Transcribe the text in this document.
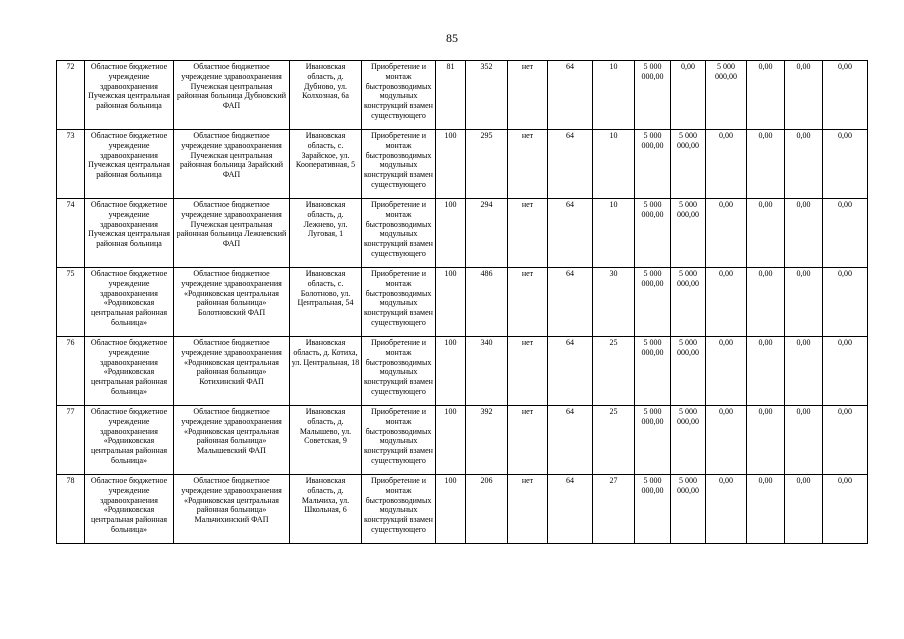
85
72	Областное бюджетное учреждение здравоохранения Пучежская центральная районная больница	Областное бюджетное учреждение здравоохранения Пучежская центральная районная больница Дубновский ФАП	Ивановская область, д. Дубново, ул. Колхозная, 6а	Приобретение и монтаж быстровозводимых модульных конструкций взамен существующего	81	352	нет	64	10	5 000 000,00	0,00	5 000 000,00	0,00	0,00	0,00
73	Областное бюджетное учреждение здравоохранения Пучежская центральная районная больница	Областное бюджетное учреждение здравоохранения Пучежская центральная районная больница Зарайский ФАП	Ивановская область, с. Зарайское, ул. Кооперативная, 5	Приобретение и монтаж быстровозводимых модульных конструкций взамен существующего	100	295	нет	64	10	5 000 000,00	5 000 000,00	0,00	0,00	0,00	0,00
74	Областное бюджетное учреждение здравоохранения Пучежская центральная районная больница	Областное бюджетное учреждение здравоохранения Пучежская центральная районная больница Лежневский ФАП	Ивановская область, д. Лежнево, ул. Луговая, 1	Приобретение и монтаж быстровозводимых модульных конструкций взамен существующего	100	294	нет	64	10	5 000 000,00	5 000 000,00	0,00	0,00	0,00	0,00
75	Областное бюджетное учреждение здравоохранения «Родниковская центральная районная больница»	Областное бюджетное учреждение здравоохранения «Родниковская центральная районная больница» Болотновский ФАП	Ивановская область, с. Болотново, ул. Центральная, 54	Приобретение и монтаж быстровозводимых модульных конструкций взамен существующего	100	486	нет	64	30	5 000 000,00	5 000 000,00	0,00	0,00	0,00	0,00
76	Областное бюджетное учреждение здравоохранения «Родниковская центральная районная больница»	Областное бюджетное учреждение здравоохранения «Родниковская центральная районная больница» Котихинский ФАП	Ивановская область, д. Котиха, ул. Центральная, 18	Приобретение и монтаж быстровозводимых модульных конструкций взамен существующего	100	340	нет	64	25	5 000 000,00	5 000 000,00	0,00	0,00	0,00	0,00
77	Областное бюджетное учреждение здравоохранения «Родниковская центральная районная больница»	Областное бюджетное учреждение здравоохранения «Родниковская центральная районная больница» Малышевский ФАП	Ивановская область, д. Малышево, ул. Советская, 9	Приобретение и монтаж быстровозводимых модульных конструкций взамен существующего	100	392	нет	64	25	5 000 000,00	5 000 000,00	0,00	0,00	0,00	0,00
78	Областное бюджетное учреждение здравоохранения «Родниковская центральная районная больница»	Областное бюджетное учреждение здравоохранения «Родниковская центральная районная больница» Мальчихинский ФАП	Ивановская область, д. Мальчиха, ул. Школьная, 6	Приобретение и монтаж быстровозводимых модульных конструкций взамен существующего	100	206	нет	64	27	5 000 000,00	5 000 000,00	0,00	0,00	0,00	0,00
